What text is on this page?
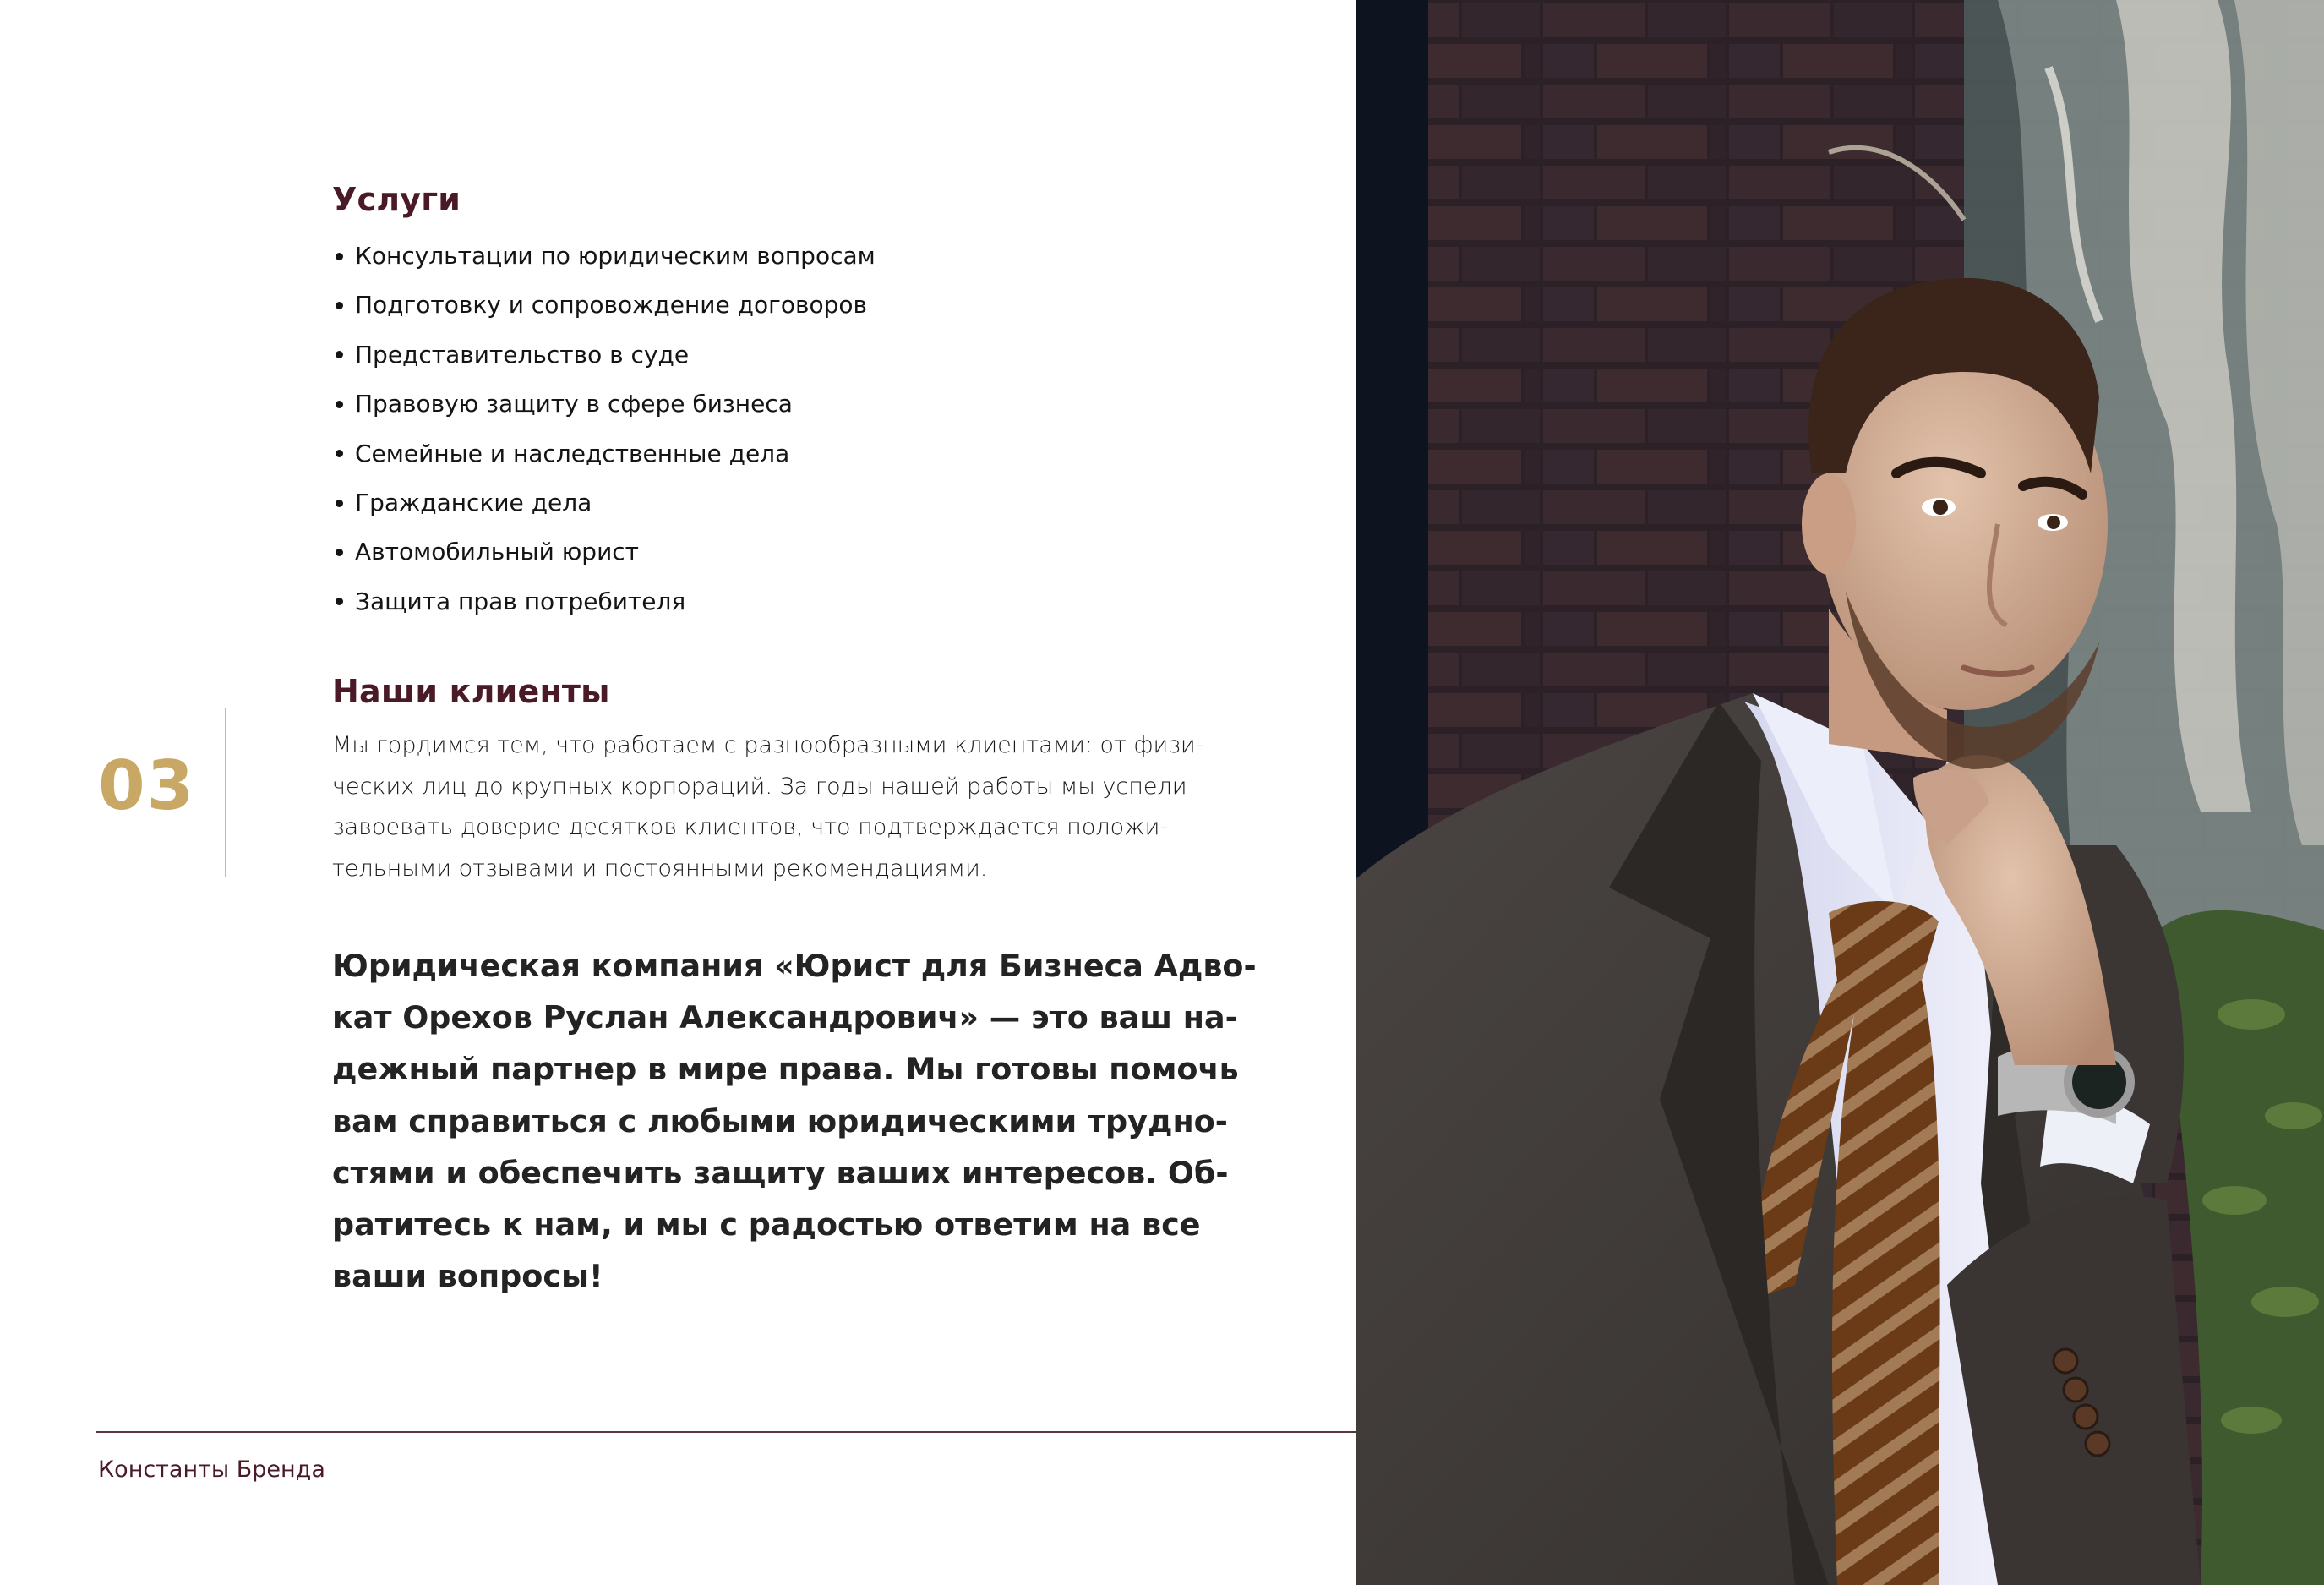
Услуги
Консультации по юридическим вопросам
Подготовку и сопровождение договоров
Представительство в суде
Правовую защиту в сфере бизнеса
Семейные и наследственные дела
Гражданские дела
Автомобильный юрист
Защита прав потребителя
03
Наши клиенты

Мы гордимся тем, что работаем с разнообразными клиентами: от физи-
ческих лиц до крупных корпораций. За годы нашей работы мы успели
завоевать доверие десятков клиентов, что подтверждается положи-
тельными отзывами и постоянными рекомендациями.

Юридическая компания «Юрист для Бизнеса Адво-
кат Орехов Руслан Александрович» — это ваш на-
дежный партнер в мире права. Мы готовы помочь
вам справиться с любыми юридическими трудно-
стями и обеспечить защиту ваших интересов. Об-
ратитесь к нам, и мы с радостью ответим на все
ваши вопросы!

Константы Бренда
